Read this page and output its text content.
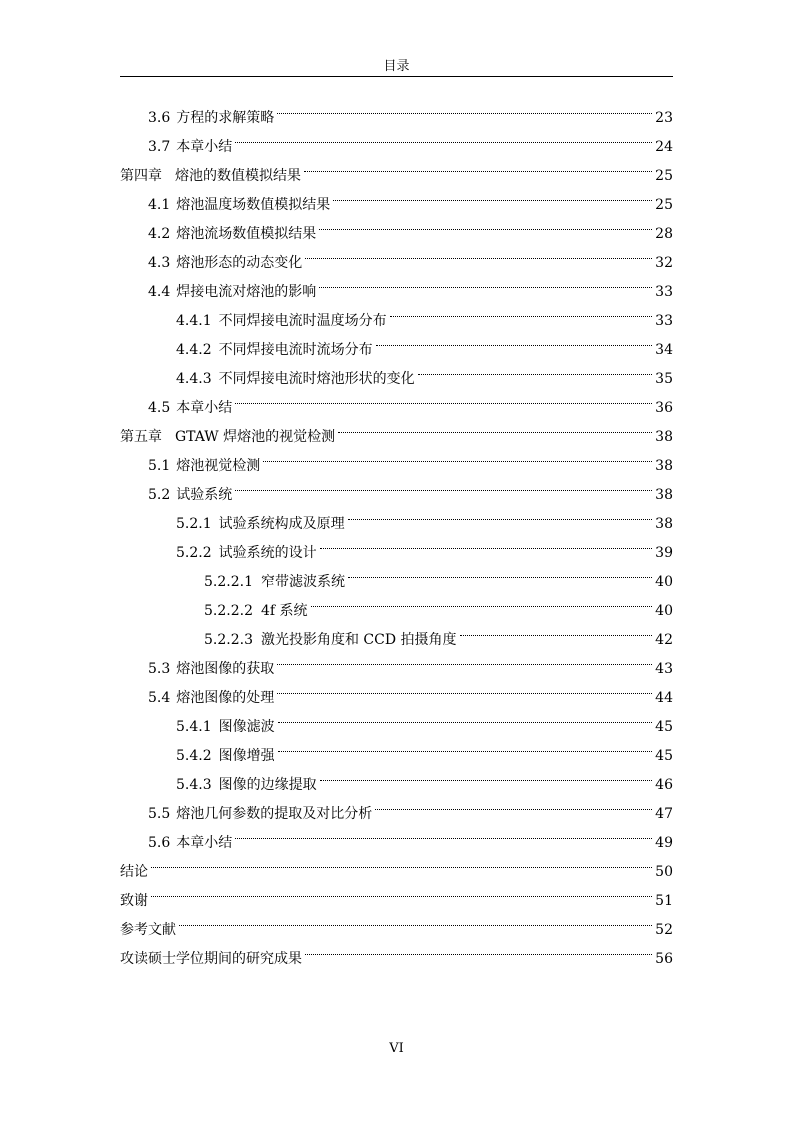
目录
3.6 方程的求解策略	23
3.7 本章小结	24
第四章 熔池的数值模拟结果	25
4.1 熔池温度场数值模拟结果	25
4.2 熔池流场数值模拟结果	28
4.3 熔池形态的动态变化	32
4.4 焊接电流对熔池的影响	33
4.4.1 不同焊接电流时温度场分布	33
4.4.2 不同焊接电流时流场分布	34
4.4.3 不同焊接电流时熔池形状的变化	35
4.5 本章小结	36
第五章 GTAW 焊熔池的视觉检测	38
5.1 熔池视觉检测	38
5.2 试验系统	38
5.2.1 试验系统构成及原理	38
5.2.2 试验系统的设计	39
5.2.2.1 窄带滤波系统	40
5.2.2.2 4f 系统	40
5.2.2.3 激光投影角度和 CCD 拍摄角度	42
5.3 熔池图像的获取	43
5.4 熔池图像的处理	44
5.4.1 图像滤波	45
5.4.2 图像增强	45
5.4.3 图像的边缘提取	46
5.5 熔池几何参数的提取及对比分析	47
5.6 本章小结	49
结论	50
致谢	51
参考文献	52
攻读硕士学位期间的研究成果	56
VI
